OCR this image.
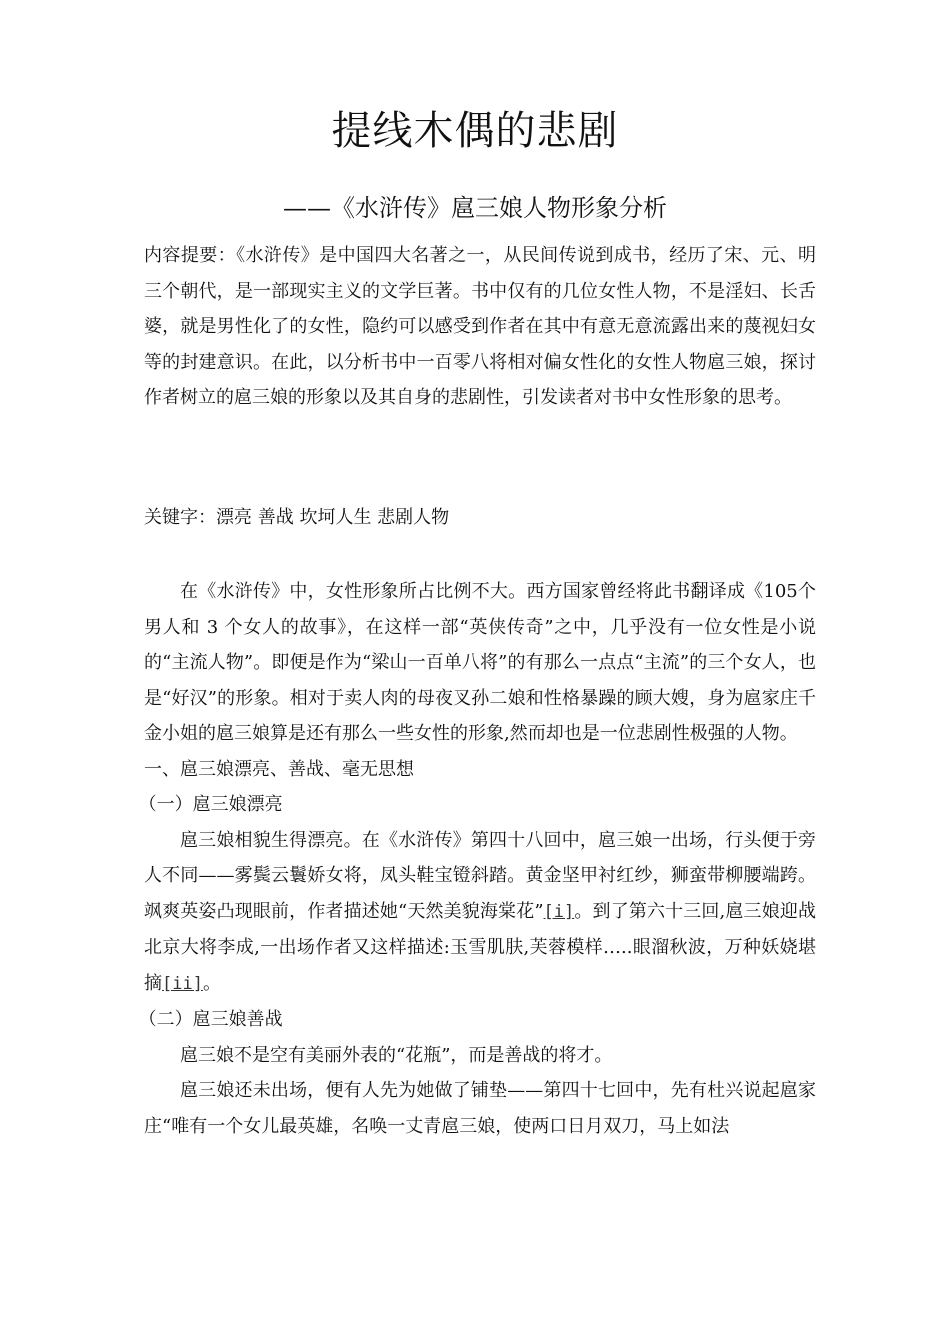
提线木偶的悲剧
——《水浒传》扈三娘人物形象分析

内容提要：《水浒传》是中国四大名著之一，从民间传说到成书，经历了宋、元、明三个朝代，是一部现实主义的文学巨著。书中仅有的几位女性人物，不是淫妇、长舌婆，就是男性化了的女性，隐约可以感受到作者在其中有意无意流露出来的蔑视妇女等的封建意识。在此，以分析书中一百零八将相对偏女性化的女性人物扈三娘，探讨作者树立的扈三娘的形象以及其自身的悲剧性，引发读者对书中女性形象的思考。

关键字：漂亮 善战 坎坷人生 悲剧人物

在《水浒传》中，女性形象所占比例不大。西方国家曾经将此书翻译成《105个男人和 3 个女人的故事》，在这样一部“英侠传奇”之中，几乎没有一位女性是小说的“主流人物”。即便是作为“梁山一百单八将”的有那么一点点“主流”的三个女人，也是“好汉”的形象。相对于卖人肉的母夜叉孙二娘和性格暴躁的顾大嫂，身为扈家庄千金小姐的扈三娘算是还有那么一些女性的形象,然而却也是一位悲剧性极强的人物。

一、扈三娘漂亮、善战、毫无思想

（一）扈三娘漂亮

扈三娘相貌生得漂亮。在《水浒传》第四十八回中，扈三娘一出场，行头便于旁人不同——雾鬓云鬟娇女将，凤头鞋宝镫斜踏。黄金坚甲衬红纱，狮蛮带柳腰端跨。飒爽英姿凸现眼前，作者描述她“天然美貌海棠花”[i]。到了第六十三回,扈三娘迎战北京大将李成,一出场作者又这样描述:玉雪肌肤,芙蓉模样…..眼溜秋波，万种妖娆堪摘[ii]。

（二）扈三娘善战

扈三娘不是空有美丽外表的“花瓶”，而是善战的将才。

扈三娘还未出场，便有人先为她做了铺垫——第四十七回中，先有杜兴说起扈家庄“唯有一个女儿最英雄，名唤一丈青扈三娘，使两口日月双刀，马上如法
